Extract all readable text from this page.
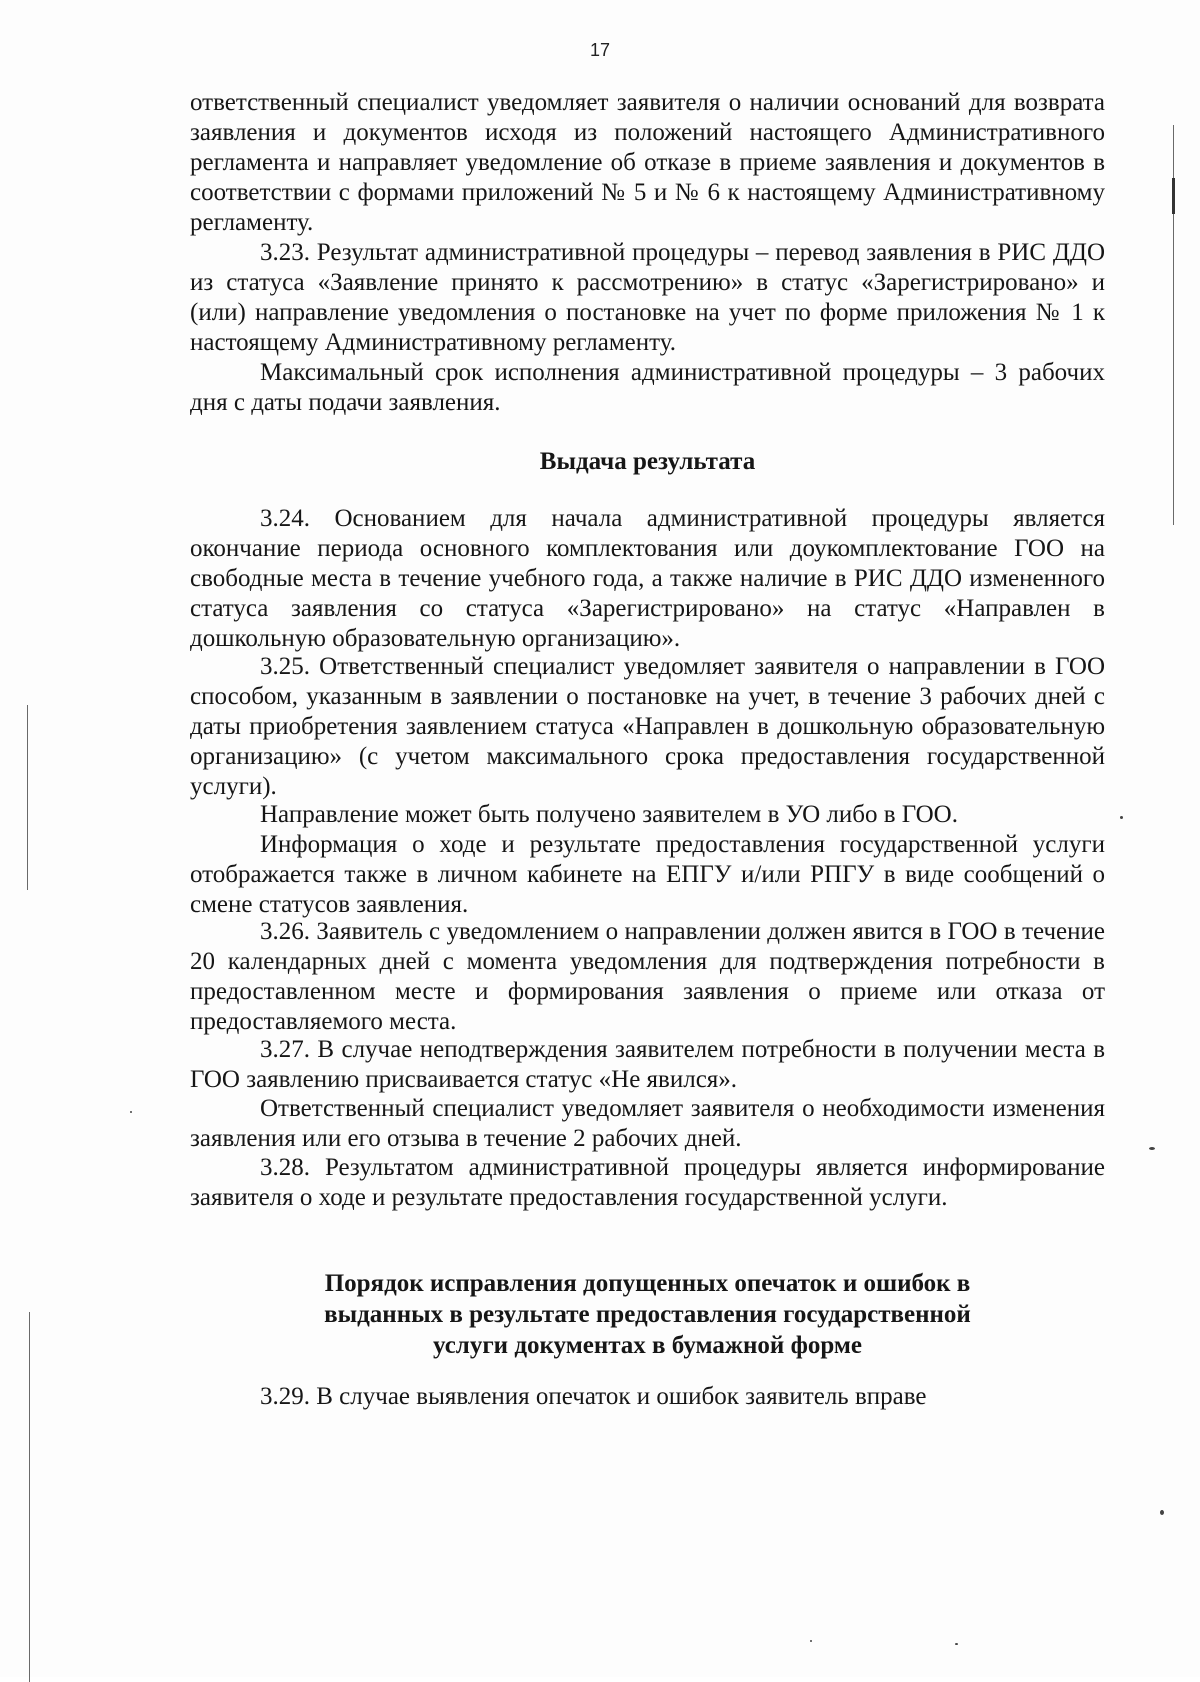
17
ответственный специалист уведомляет заявителя о наличии оснований для возврата заявления и документов исходя из положений настоящего Административного регламента и направляет уведомление об отказе в приеме заявления и документов в соответствии с формами приложений № 5 и № 6 к настоящему Административному регламенту.
3.23. Результат административной процедуры – перевод заявления в РИС ДДО из статуса «Заявление принято к рассмотрению» в статус «Зарегистрировано» и (или) направление уведомления о постановке на учет по форме приложения № 1 к настоящему Административному регламенту.
Максимальный срок исполнения административной процедуры – 3 рабочих дня с даты подачи заявления.
Выдача результата
3.24. Основанием для начала административной процедуры является окончание периода основного комплектования или доукомплектование ГОО на свободные места в течение учебного года, а также наличие в РИС ДДО измененного статуса заявления со статуса «Зарегистрировано» на статус «Направлен в дошкольную образовательную организацию».
3.25. Ответственный специалист уведомляет заявителя о направлении в ГОО способом, указанным в заявлении о постановке на учет, в течение 3 рабочих дней с даты приобретения заявлением статуса «Направлен в дошкольную образовательную организацию» (с учетом максимального срока предоставления государственной услуги).
Направление может быть получено заявителем в УО либо в ГОО.
Информация о ходе и результате предоставления государственной услуги отображается также в личном кабинете на ЕПГУ и/или РПГУ в виде сообщений о смене статусов заявления.
3.26. Заявитель с уведомлением о направлении должен явится в ГОО в течение 20 календарных дней с момента уведомления для подтверждения потребности в предоставленном месте и формирования заявления о приеме или отказа от предоставляемого места.
3.27. В случае неподтверждения заявителем потребности в получении места в ГОО заявлению присваивается статус «Не явился».
Ответственный специалист уведомляет заявителя о необходимости изменения заявления или его отзыва в течение 2 рабочих дней.
3.28. Результатом административной процедуры является информирование заявителя о ходе и результате предоставления государственной услуги.
Порядок исправления допущенных опечаток и ошибок в
выданных в результате предоставления государственной
услуги документах в бумажной форме
3.29. В случае выявления опечаток и ошибок заявитель вправе
